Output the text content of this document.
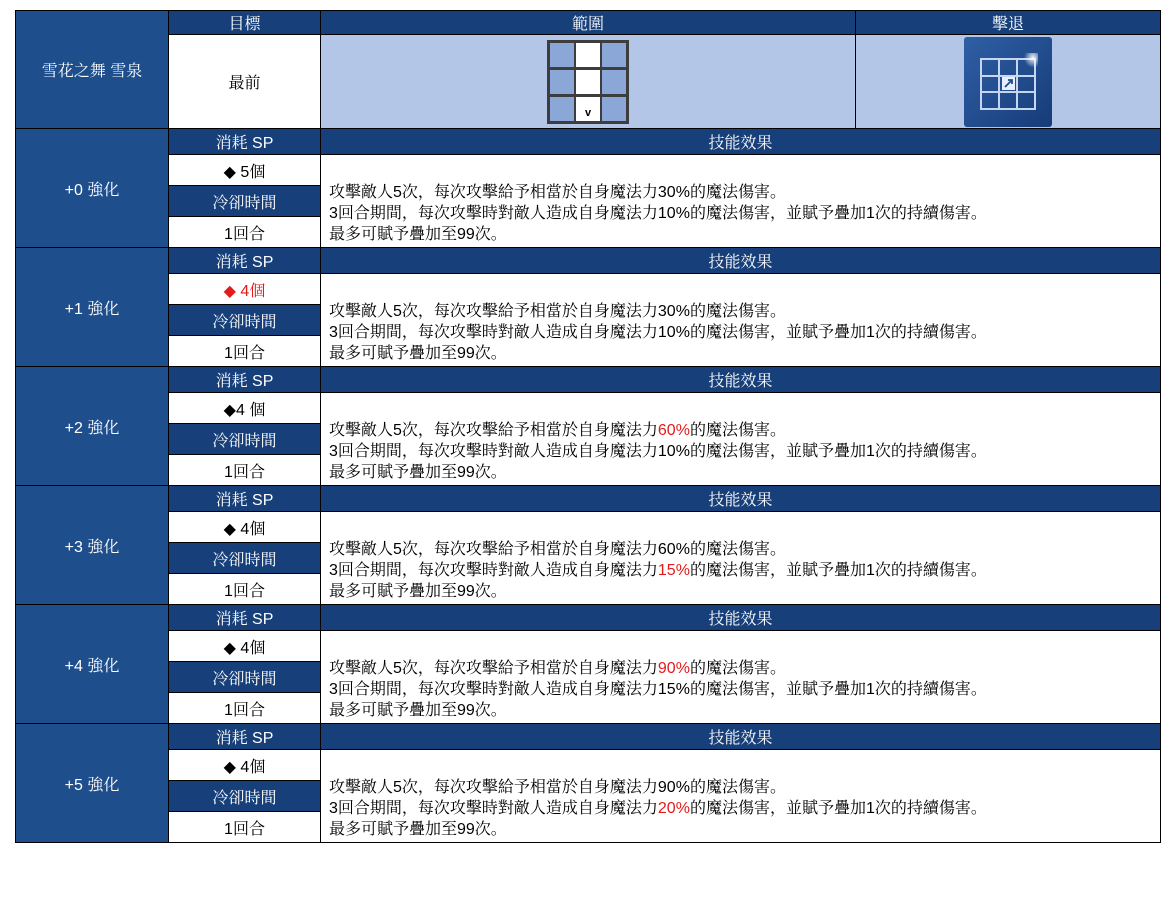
雪花之舞 雪泉	目標	範圍	擊退
	最前	v

+0 強化	消耗 SP	技能效果	
	◆ 5個	攻擊敵人5次，每次攻擊給予相當於自身魔法力30%的魔法傷害。
3回合期間，每次攻擊時對敵人造成自身魔法力10%的魔法傷害，並賦予疊加1次的持續傷害。
最多可賦予疊加至99次。	

	冷卻時間		
	1回合		
+1 強化	消耗 SP	技能效果	
	◆ 4個	攻擊敵人5次，每次攻擊給予相當於自身魔法力30%的魔法傷害。
3回合期間，每次攻擊時對敵人造成自身魔法力10%的魔法傷害，並賦予疊加1次的持續傷害。
最多可賦予疊加至99次。	

	冷卻時間		
	1回合		
+2 強化	消耗 SP	技能效果	
	◆4 個	攻擊敵人5次，每次攻擊給予相當於自身魔法力60%的魔法傷害。
3回合期間，每次攻擊時對敵人造成自身魔法力10%的魔法傷害，並賦予疊加1次的持續傷害。
最多可賦予疊加至99次。	

	冷卻時間		
	1回合		
+3 強化	消耗 SP	技能效果	
	◆ 4個	攻擊敵人5次，每次攻擊給予相當於自身魔法力60%的魔法傷害。
3回合期間，每次攻擊時對敵人造成自身魔法力15%的魔法傷害，並賦予疊加1次的持續傷害。
最多可賦予疊加至99次。	

	冷卻時間		
	1回合		
+4 強化	消耗 SP	技能效果	
	◆ 4個	攻擊敵人5次，每次攻擊給予相當於自身魔法力90%的魔法傷害。
3回合期間，每次攻擊時對敵人造成自身魔法力15%的魔法傷害，並賦予疊加1次的持續傷害。
最多可賦予疊加至99次。	

	冷卻時間		
	1回合		
+5 強化	消耗 SP	技能效果	
	◆ 4個	攻擊敵人5次，每次攻擊給予相當於自身魔法力90%的魔法傷害。
3回合期間，每次攻擊時對敵人造成自身魔法力20%的魔法傷害，並賦予疊加1次的持續傷害。
最多可賦予疊加至99次。	

	冷卻時間		
	1回合		
